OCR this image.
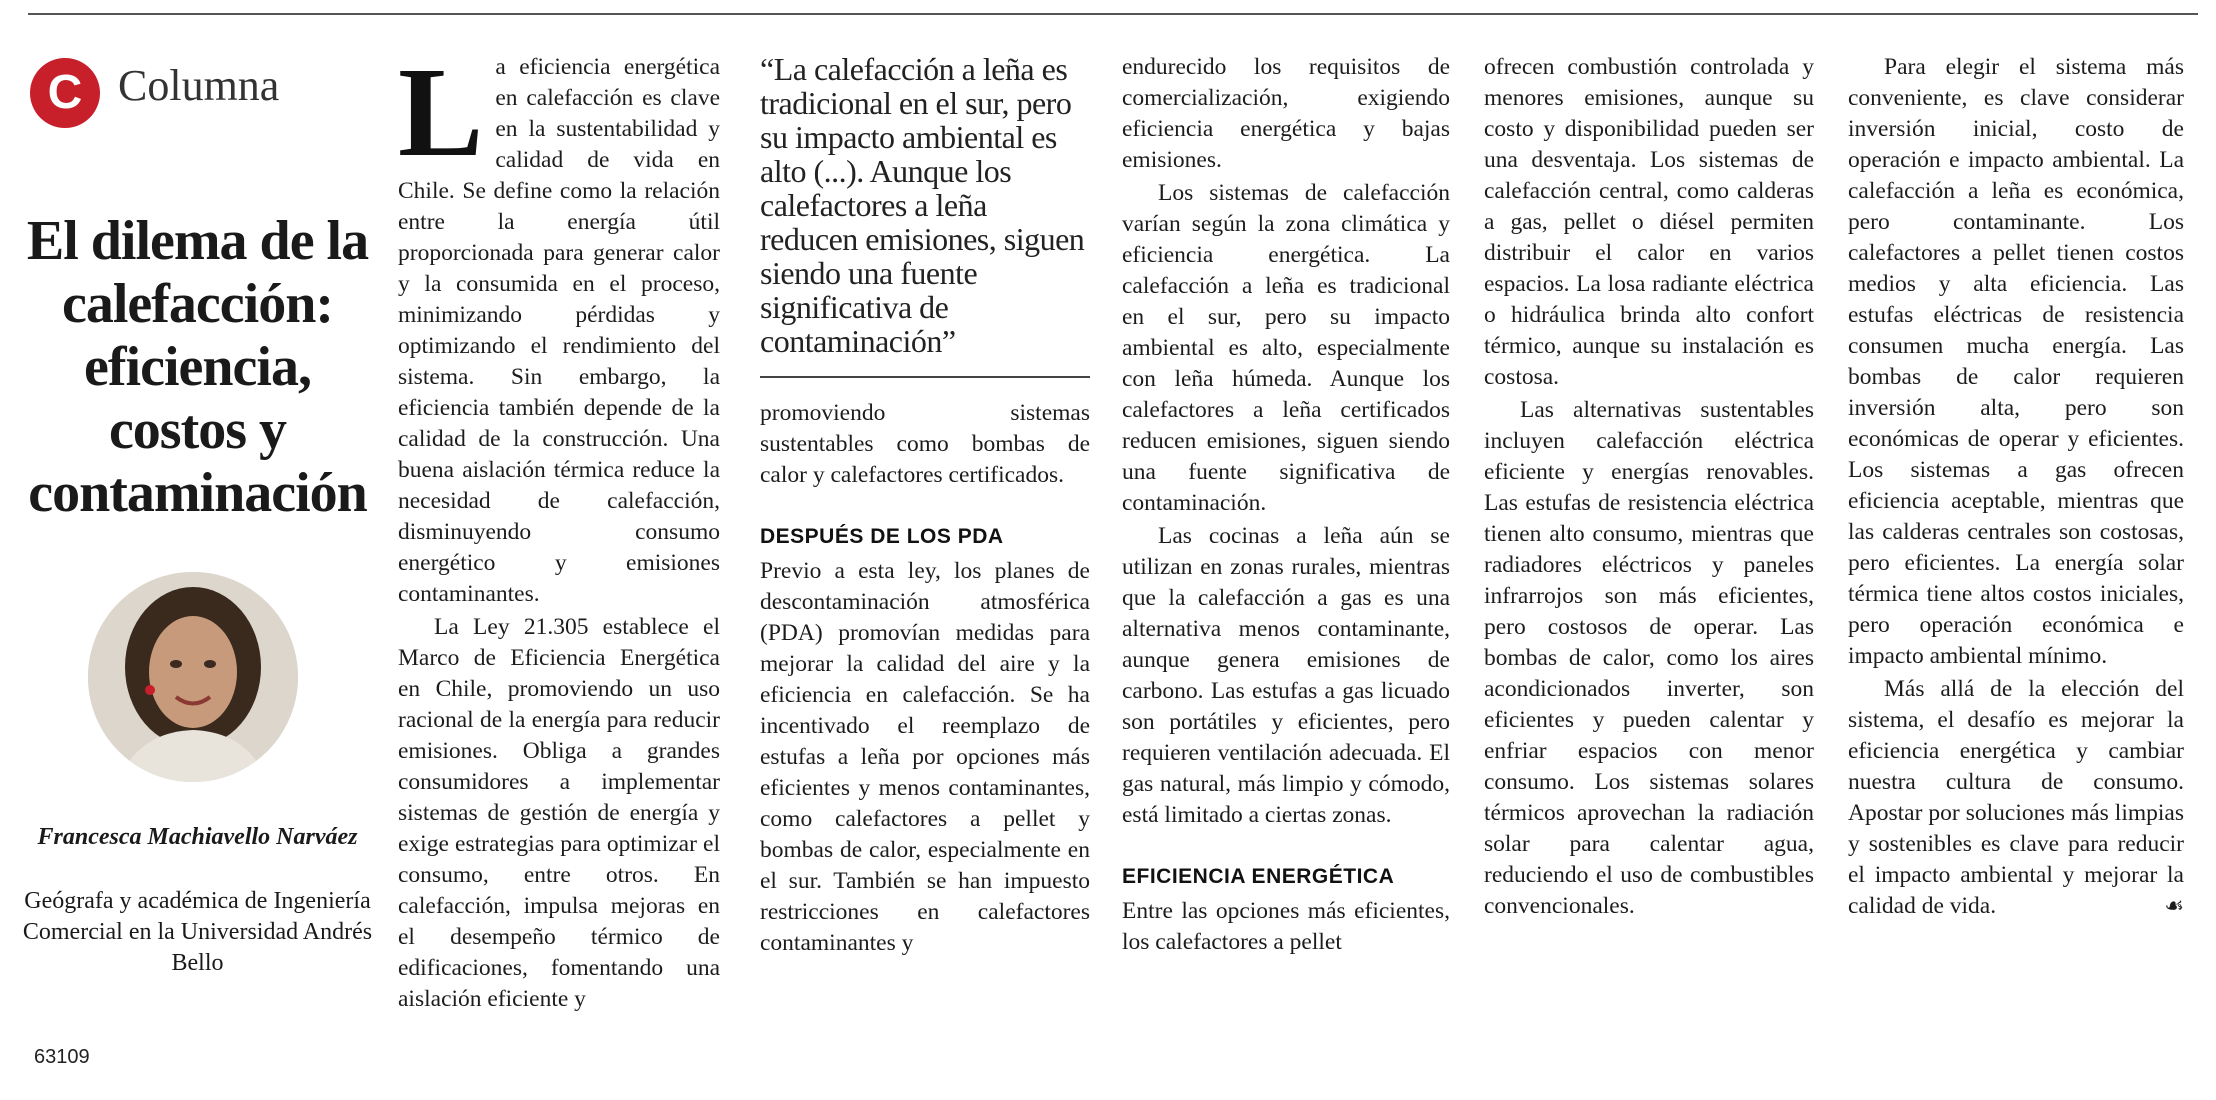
C Columna
El dilema de la calefacción: eficiencia, costos y contaminación
Francesca Machiavello Narváez
Geógrafa y académica de Ingeniería Comercial en la Universidad Andrés Bello
63109
L a eficiencia energética en calefacción es clave en la sustentabilidad y calidad de vida en Chile. Se define como la relación entre la energía útil proporcionada para generar calor y la consumida en el proceso, minimizando pérdidas y optimizando el rendimiento del sistema. Sin embargo, la eficiencia también depende de la calidad de la construcción. Una buena aislación térmica reduce la necesidad de calefacción, disminuyendo consumo energético y emisiones contaminantes.

La Ley 21.305 establece el Marco de Eficiencia Energética en Chile, promoviendo un uso racional de la energía para reducir emisiones. Obliga a grandes consumidores a implementar sistemas de gestión de energía y exige estrategias para optimizar el consumo, entre otros. En calefacción, impulsa mejoras en el desempeño térmico de edificaciones, fomentando una aislación eficiente y

“La calefacción a leña es tradicional en el sur, pero su impacto ambiental es alto (...). Aunque los calefactores a leña reducen emisiones, siguen siendo una fuente significativa de contaminación”

promoviendo sistemas sustentables como bombas de calor y calefactores certificados.

DESPUÉS DE LOS PDA

Previo a esta ley, los planes de descontaminación atmosférica (PDA) promovían medidas para mejorar la calidad del aire y la eficiencia en calefacción. Se ha incentivado el reemplazo de estufas a leña por opciones más eficientes y menos contaminantes, como calefactores a pellet y bombas de calor, especialmente en el sur. También se han impuesto restricciones en calefactores contaminantes y

endurecido los requisitos de comercialización, exigiendo eficiencia energética y bajas emisiones.

Los sistemas de calefacción varían según la zona climática y eficiencia energética. La calefacción a leña es tradicional en el sur, pero su impacto ambiental es alto, especialmente con leña húmeda. Aunque los calefactores a leña certificados reducen emisiones, siguen siendo una fuente significativa de contaminación.

Las cocinas a leña aún se utilizan en zonas rurales, mientras que la calefacción a gas es una alternativa menos contaminante, aunque genera emisiones de carbono. Las estufas a gas licuado son portátiles y eficientes, pero requieren ventilación adecuada. El gas natural, más limpio y cómodo, está limitado a ciertas zonas.

EFICIENCIA ENERGÉTICA

Entre las opciones más eficientes, los calefactores a pellet

ofrecen combustión controlada y menores emisiones, aunque su costo y disponibilidad pueden ser una desventaja. Los sistemas de calefacción central, como calderas a gas, pellet o diésel permiten distribuir el calor en varios espacios. La losa radiante eléctrica o hidráulica brinda alto confort térmico, aunque su instalación es costosa.

Las alternativas sustentables incluyen calefacción eléctrica eficiente y energías renovables. Las estufas de resistencia eléctrica tienen alto consumo, mientras que radiadores eléctricos y paneles infrarrojos son más eficientes, pero costosos de operar. Las bombas de calor, como los aires acondicionados inverter, son eficientes y pueden calentar y enfriar espacios con menor consumo. Los sistemas solares térmicos aprovechan la radiación solar para calentar agua, reduciendo el uso de combustibles convencionales.

Para elegir el sistema más conveniente, es clave considerar inversión inicial, costo de operación e impacto ambiental. La calefacción a leña es económica, pero contaminante. Los calefactores a pellet tienen costos medios y alta eficiencia. Las estufas eléctricas de resistencia consumen mucha energía. Las bombas de calor requieren inversión alta, pero son económicas de operar y eficientes. Los sistemas a gas ofrecen eficiencia aceptable, mientras que las calderas centrales son costosas, pero eficientes. La energía solar térmica tiene altos costos iniciales, pero operación económica e impacto ambiental mínimo.

Más allá de la elección del sistema, el desafío es mejorar la eficiencia energética y cambiar nuestra cultura de consumo. Apostar por soluciones más limpias y sostenibles es clave para reducir el impacto ambiental y mejorar la calidad de vida.	☙
